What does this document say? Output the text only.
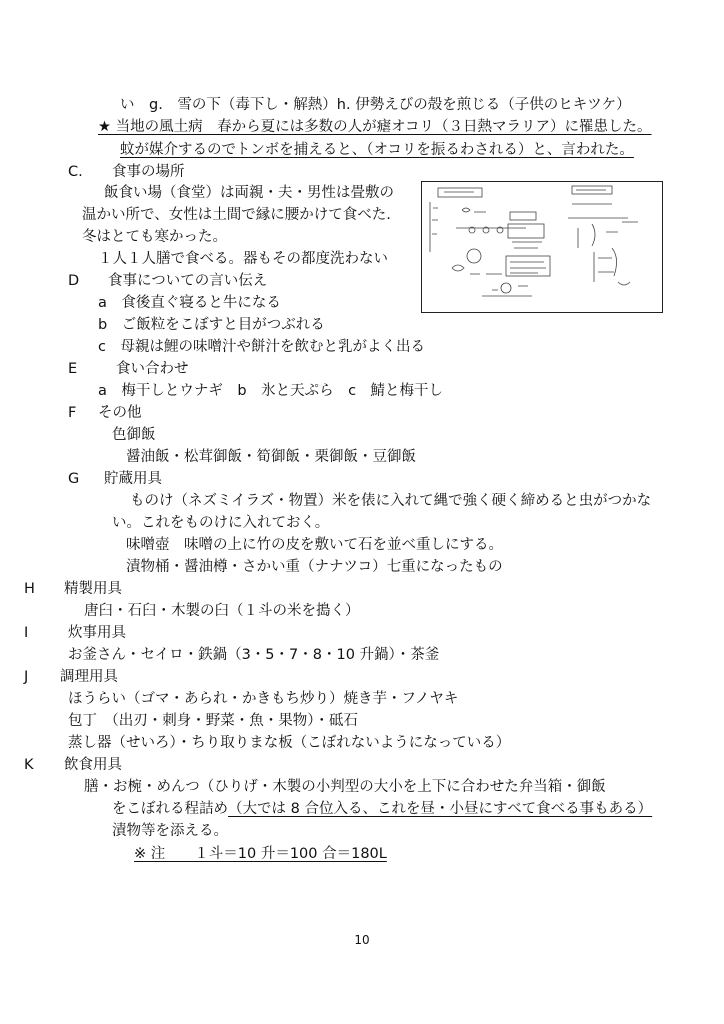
い　g.　雪の下（毒下し・解熱）h. 伊勢えびの殻を煎じる（子供のヒキツケ）
★ 当地の風土病　春から夏には多数の人が瘧オコリ（３日熱マラリア）に罹患した。
蚊が媒介するのでトンボを捕えると、（オコリを振るわされる）と、言われた。
C. 食事の場所
飯食い場（食堂）は両親・夫・男性は畳敷の
温かい所で、女性は土間で縁に腰かけて食べた.
冬はとても寒かった。
１人１人膳で食べる。器もその都度洗わない
D 食事についての言い伝え
a　食後直ぐ寝ると牛になる
b　ご飯粒をこぼすと目がつぶれる
c　母親は鯉の味噌汁や餅汁を飲むと乳がよく出る
E	食い合わせ
a　梅干しとウナギ　b　氷と天ぷら　c　鯖と梅干し
F その他
色御飯
醤油飯・松茸御飯・筍御飯・栗御飯・豆御飯
G 貯蔵用具
ものけ（ネズミイラズ・物置）米を俵に入れて縄で強く硬く締めると虫がつかな
い。これをものけに入れておく。
味噌壺　味噌の上に竹の皮を敷いて石を並べ重しにする。
漬物桶・醤油樽・さかい重（ナナツコ）七重になったもの
H 精製用具
唐臼・石臼・木製の臼（１斗の米を搗く）
I	炊事用具
お釜さん・セイロ・鉄鍋（3・5・7・8・10 升鍋）・茶釜
J 調理用具
ほうらい（ゴマ・あられ・かきもち炒り）焼き芋・フノヤキ
包丁　（出刃・刺身・野菜・魚・果物）・砥石
蒸し器（せいろ）・ちり取りまな板（こぼれないようになっている）
K 飲食用具
膳・お椀・めんつ（ひりげ・木製の小判型の大小を上下に合わせた弁当箱・御飯
をこぼれる程詰め（大では 8 合位入る、これを昼・小昼にすべて食べる事もある）
漬物等を添える。
※ 注　　１斗＝10 升＝100 合＝180L
10
